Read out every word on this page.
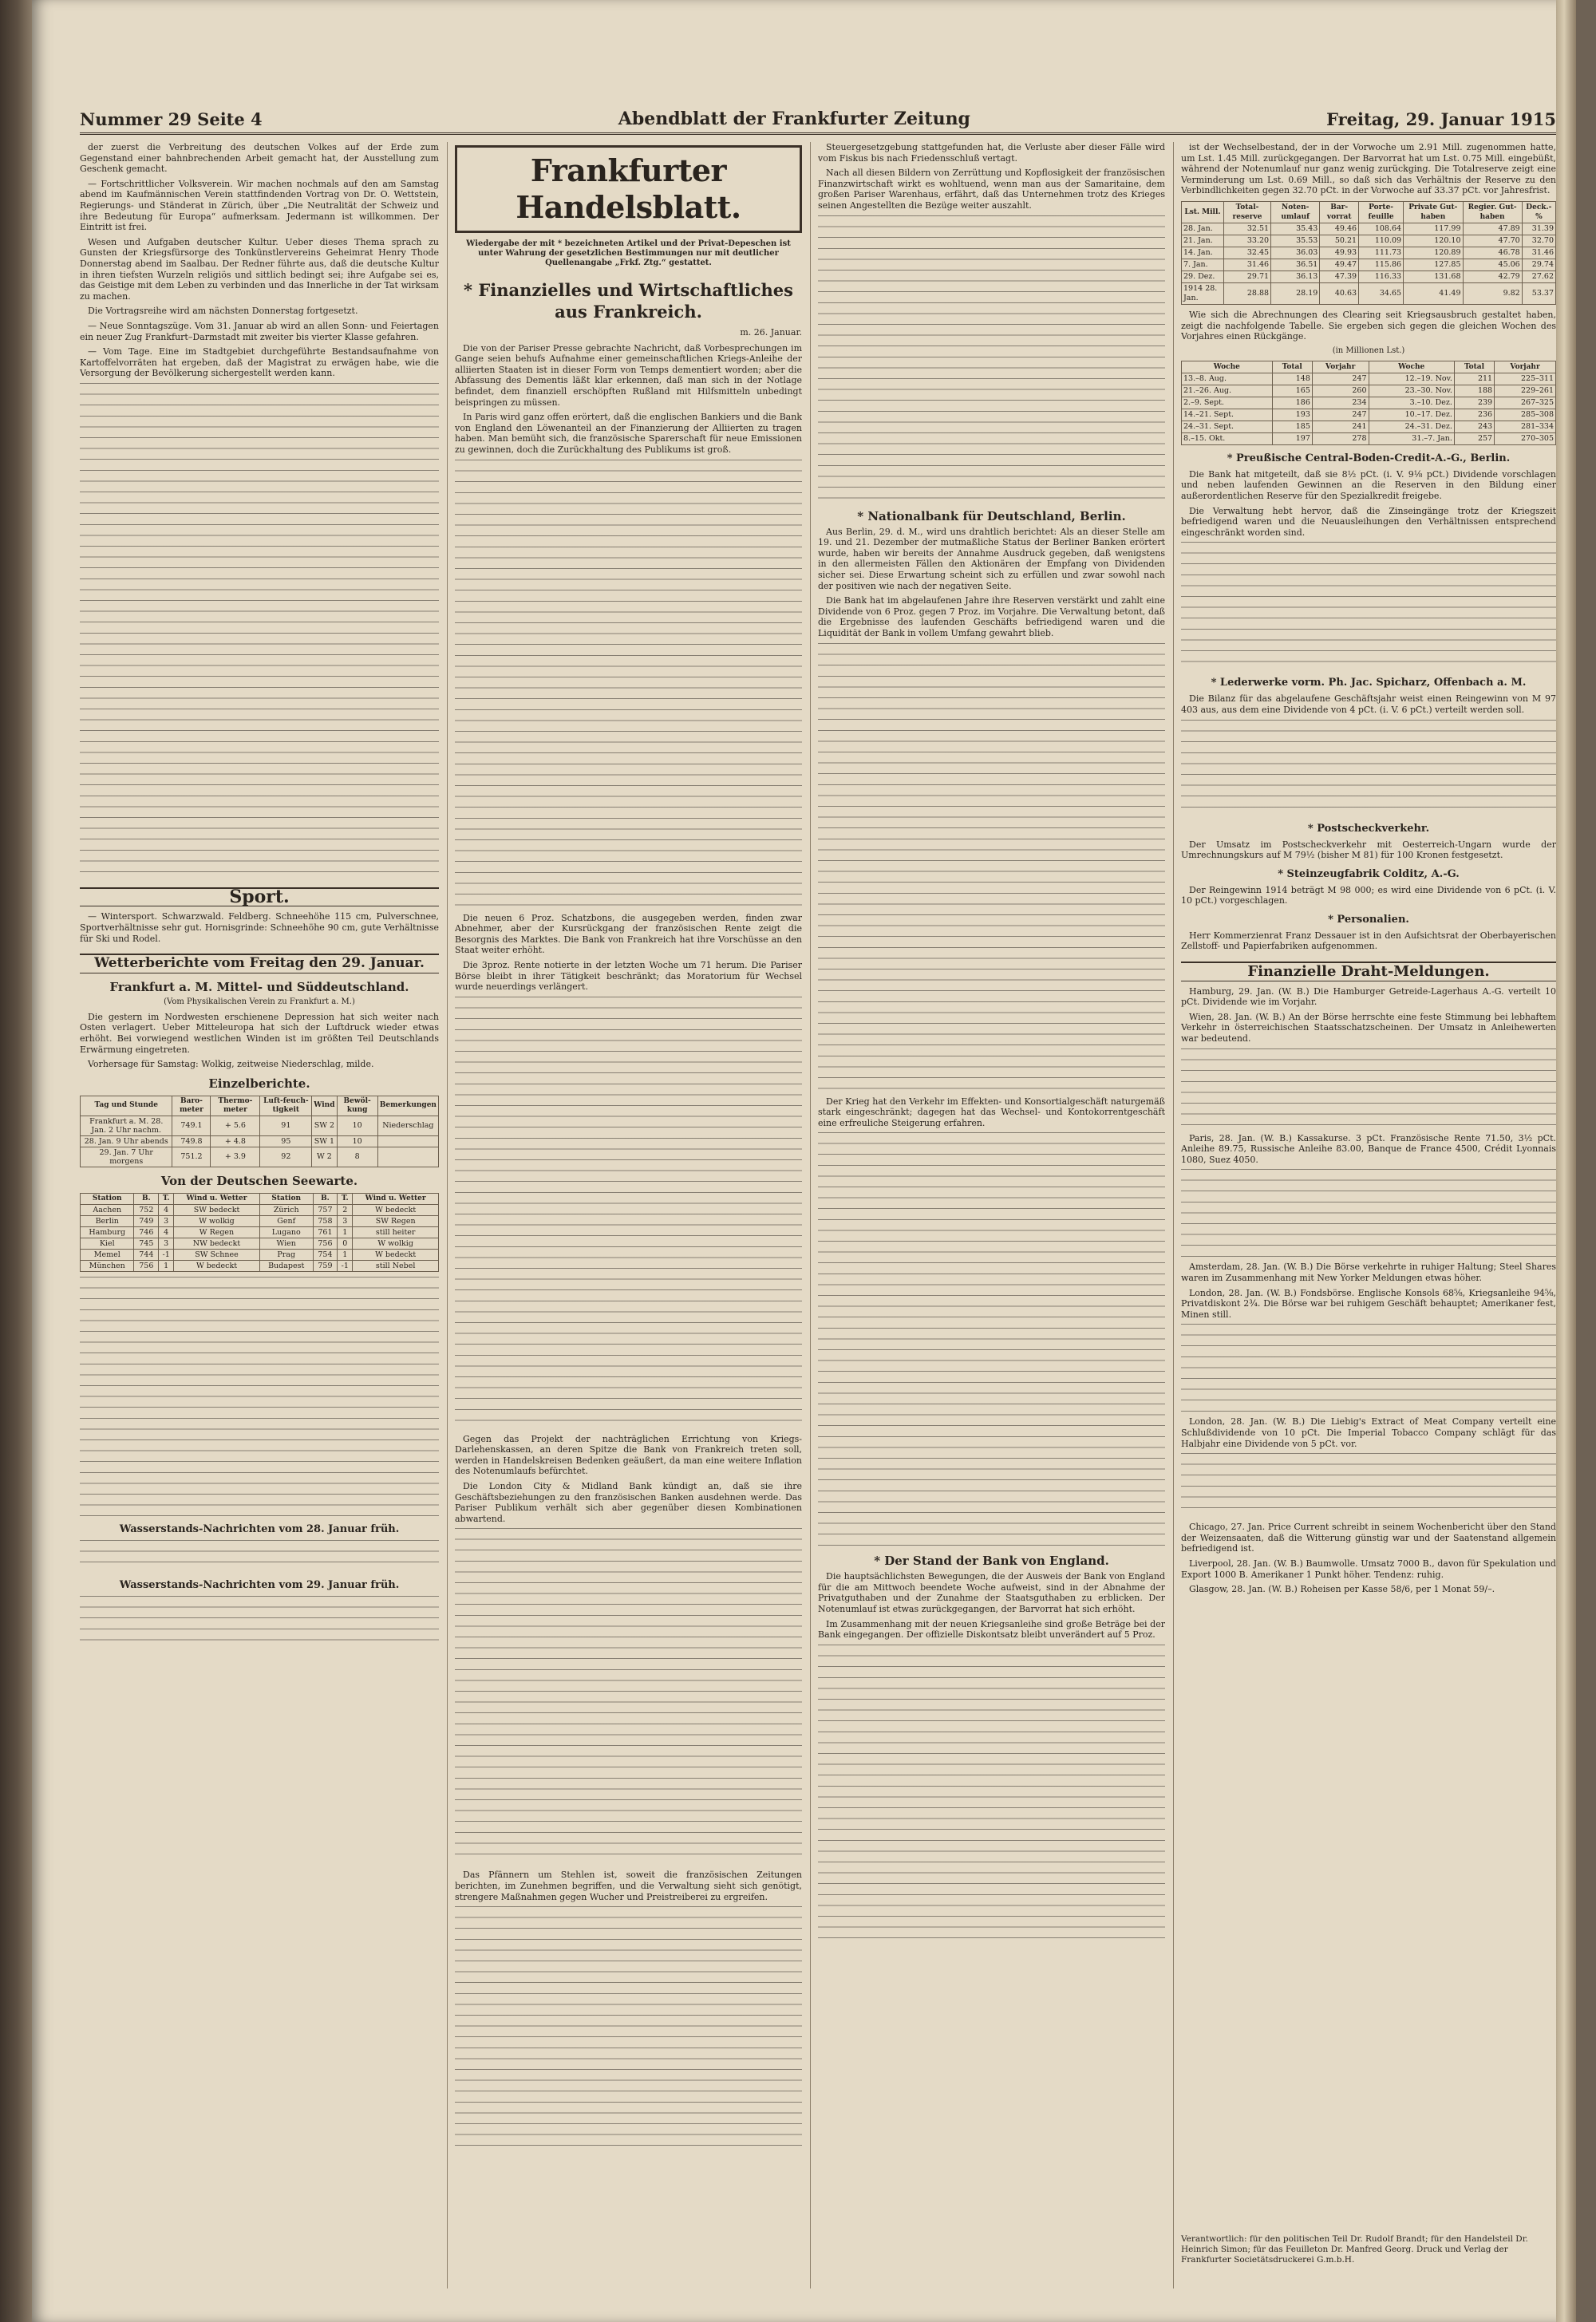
Nummer 29 Seite 4	Abendblatt der Frankfurter Zeitung	Freitag, 29. Januar 1915

der zuerst die Verbreitung des deutschen Volkes auf der Erde zum Gegenstand einer bahnbrechenden Arbeit gemacht hat, der Ausstellung zum Geschenk gemacht.

— Fortschrittlicher Volksverein. Wir machen nochmals auf den am Samstag abend im Kaufmännischen Verein stattfindenden Vortrag von Dr. O. Wettstein, Regierungs- und Ständerat in Zürich, über „Die Neutralität der Schweiz und ihre Bedeutung für Europa“ aufmerksam. Jedermann ist willkommen. Der Eintritt ist frei.

Wesen und Aufgaben deutscher Kultur. Ueber dieses Thema sprach zu Gunsten der Kriegsfürsorge des Tonkünstlervereins Geheimrat Henry Thode Donnerstag abend im Saalbau. Der Redner führte aus, daß die deutsche Kultur in ihren tiefsten Wurzeln religiös und sittlich bedingt sei; ihre Aufgabe sei es, das Geistige mit dem Leben zu verbinden und das Innerliche in der Tat wirksam zu machen.

Die Vortragsreihe wird am nächsten Donnerstag fortgesetzt.

— Neue Sonntagszüge. Vom 31. Januar ab wird an allen Sonn- und Feiertagen ein neuer Zug Frankfurt–Darmstadt mit zweiter bis vierter Klasse gefahren.

— Vom Tage. Eine im Stadtgebiet durchgeführte Bestandsaufnahme von Kartoffelvorräten hat ergeben, daß der Magistrat zu erwägen habe, wie die Versorgung der Bevölkerung sichergestellt werden kann.

Sport.

— Wintersport. Schwarzwald. Feldberg. Schneehöhe 115 cm, Pulverschnee, Sportverhältnisse sehr gut. Hornisgrinde: Schneehöhe 90 cm, gute Verhältnisse für Ski und Rodel.

Wetterberichte vom Freitag den 29. Januar.
Frankfurt a. M. Mittel- und Süddeutschland.
(Vom Physikalischen Verein zu Frankfurt a. M.)

Die gestern im Nordwesten erschienene Depression hat sich weiter nach Osten verlagert. Ueber Mitteleuropa hat sich der Luftdruck wieder etwas erhöht. Bei vorwiegend westlichen Winden ist im größten Teil Deutschlands Erwärmung eingetreten.

Vorhersage für Samstag: Wolkig, zeitweise Niederschlag, milde.

Einzelberichte.
Tag und Stunde	Baro-meter	Thermo-meter	Luft-feuch-tigkeit	Wind	Bewöl-kung	Bemerkungen
Frankfurt a. M. 28. Jan. 2 Uhr nachm.	749.1	+ 5.6	91	SW 2	10	Niederschlag
28. Jan. 9 Uhr abends	749.8	+ 4.8	95	SW 1	10	
29. Jan. 7 Uhr morgens	751.2	+ 3.9	92	W 2	8	
Von der Deutschen Seewarte.
Station	B.	T.	Wind u. Wetter	Station	B.	T.	Wind u. Wetter
Aachen	752	4	SW bedeckt	Zürich	757	2	W bedeckt
Berlin	749	3	W wolkig	Genf	758	3	SW Regen
Hamburg	746	4	W Regen	Lugano	761	1	still heiter
Kiel	745	3	NW bedeckt	Wien	756	0	W wolkig
Memel	744	-1	SW Schnee	Prag	754	1	W bedeckt
München	756	1	W bedeckt	Budapest	759	-1	still Nebel
Wasserstands-Nachrichten vom 28. Januar früh.
Wasserstands-Nachrichten vom 29. Januar früh.
Frankfurter Handelsblatt.
Wiedergabe der mit * bezeichneten Artikel und der Privat-Depeschen ist unter Wahrung der gesetzlichen Bestimmungen nur mit deutlicher Quellenangabe „Frkf. Ztg.“ gestattet.
* Finanzielles und Wirtschaftliches aus Frankreich.
m. 26. Januar.

Die von der Pariser Presse gebrachte Nachricht, daß Vorbesprechungen im Gange seien behufs Aufnahme einer gemeinschaftlichen Kriegs-Anleihe der alliierten Staaten ist in dieser Form von Temps dementiert worden; aber die Abfassung des Dementis läßt klar erkennen, daß man sich in der Notlage befindet, dem finanziell erschöpften Rußland mit Hilfsmitteln unbedingt beispringen zu müssen.

In Paris wird ganz offen erörtert, daß die englischen Bankiers und die Bank von England den Löwenanteil an der Finanzierung der Alliierten zu tragen haben. Man bemüht sich, die französische Sparerschaft für neue Emissionen zu gewinnen, doch die Zurückhaltung des Publikums ist groß.

Die neuen 6 Proz. Schatzbons, die ausgegeben werden, finden zwar Abnehmer, aber der Kursrückgang der französischen Rente zeigt die Besorgnis des Marktes. Die Bank von Frankreich hat ihre Vorschüsse an den Staat weiter erhöht.

Die 3proz. Rente notierte in der letzten Woche um 71 herum. Die Pariser Börse bleibt in ihrer Tätigkeit beschränkt; das Moratorium für Wechsel wurde neuerdings verlängert.

Gegen das Projekt der nachträglichen Errichtung von Kriegs-Darlehenskassen, an deren Spitze die Bank von Frankreich treten soll, werden in Handelskreisen Bedenken geäußert, da man eine weitere Inflation des Notenumlaufs befürchtet.

Die London City & Midland Bank kündigt an, daß sie ihre Geschäftsbeziehungen zu den französischen Banken ausdehnen werde. Das Pariser Publikum verhält sich aber gegenüber diesen Kombinationen abwartend.

Das Pfännern um Stehlen ist, soweit die französischen Zeitungen berichten, im Zunehmen begriffen, und die Verwaltung sieht sich genötigt, strengere Maßnahmen gegen Wucher und Preistreiberei zu ergreifen.

Steuergesetzgebung stattgefunden hat, die Verluste aber dieser Fälle wird vom Fiskus bis nach Friedensschluß vertagt.

Nach all diesen Bildern von Zerrüttung und Kopflosigkeit der französischen Finanzwirtschaft wirkt es wohltuend, wenn man aus der Samaritaine, dem großen Pariser Warenhaus, erfährt, daß das Unternehmen trotz des Krieges seinen Angestellten die Bezüge weiter auszahlt.

* Nationalbank für Deutschland, Berlin.

Aus Berlin, 29. d. M., wird uns drahtlich berichtet: Als an dieser Stelle am 19. und 21. Dezember der mutmaßliche Status der Berliner Banken erörtert wurde, haben wir bereits der Annahme Ausdruck gegeben, daß wenigstens in den allermeisten Fällen den Aktionären der Empfang von Dividenden sicher sei. Diese Erwartung scheint sich zu erfüllen und zwar sowohl nach der positiven wie nach der negativen Seite.

Die Bank hat im abgelaufenen Jahre ihre Reserven verstärkt und zahlt eine Dividende von 6 Proz. gegen 7 Proz. im Vorjahre. Die Verwaltung betont, daß die Ergebnisse des laufenden Geschäfts befriedigend waren und die Liquidität der Bank in vollem Umfang gewahrt blieb.

Der Krieg hat den Verkehr im Effekten- und Konsortialgeschäft naturgemäß stark eingeschränkt; dagegen hat das Wechsel- und Kontokorrentgeschäft eine erfreuliche Steigerung erfahren.

* Der Stand der Bank von England.

Die hauptsächlichsten Bewegungen, die der Ausweis der Bank von England für die am Mittwoch beendete Woche aufweist, sind in der Abnahme der Privatguthaben und der Zunahme der Staatsguthaben zu erblicken. Der Notenumlauf ist etwas zurückgegangen, der Barvorrat hat sich erhöht.

Im Zusammenhang mit der neuen Kriegsanleihe sind große Beträge bei der Bank eingegangen. Der offizielle Diskontsatz bleibt unverändert auf 5 Proz.

ist der Wechselbestand, der in der Vorwoche um 2.91 Mill. zugenommen hatte, um Lst. 1.45 Mill. zurückgegangen. Der Barvorrat hat um Lst. 0.75 Mill. eingebüßt, während der Notenumlauf nur ganz wenig zurückging. Die Totalreserve zeigt eine Verminderung um Lst. 0.69 Mill., so daß sich das Verhältnis der Reserve zu den Verbindlichkeiten gegen 32.70 pCt. in der Vorwoche auf 33.37 pCt. vor Jahresfrist.

Lst. Mill.	Total-reserve	Noten-umlauf	Bar-vorrat	Porte-feuille	Private Gut-haben	Regier. Gut-haben	Deck.-%
28. Jan.	32.51	35.43	49.46	108.64	117.99	47.89	31.39
21. Jan.	33.20	35.53	50.21	110.09	120.10	47.70	32.70
14. Jan.	32.45	36.03	49.93	111.73	120.89	46.78	31.46
7. Jan.	31.46	36.51	49.47	115.86	127.85	45.06	29.74
29. Dez.	29.71	36.13	47.39	116.33	131.68	42.79	27.62
1914 28. Jan.	28.88	28.19	40.63	34.65	41.49	9.82	53.37

Wie sich die Abrechnungen des Clearing seit Kriegsausbruch gestaltet haben, zeigt die nachfolgende Tabelle. Sie ergeben sich gegen die gleichen Wochen des Vorjahres einen Rückgänge.

(in Millionen Lst.)
Woche	Total	Vorjahr	Woche	Total	Vorjahr
13.–8. Aug.	148	247	12.–19. Nov.	211	225–311
21.–26. Aug.	165	260	23.–30. Nov.	188	229–261
2.–9. Sept.	186	234	3.–10. Dez.	239	267–325
14.–21. Sept.	193	247	10.–17. Dez.	236	285–308
24.–31. Sept.	185	241	24.–31. Dez.	243	281–334
8.–15. Okt.	197	278	31.–7. Jan.	257	270–305
* Preußische Central-Boden-Credit-A.-G., Berlin.

Die Bank hat mitgeteilt, daß sie 8½ pCt. (i. V. 9⅛ pCt.) Dividende vorschlagen und neben laufenden Gewinnen an die Reserven in den Bildung einer außerordentlichen Reserve für den Spezialkredit freigebe.

Die Verwaltung hebt hervor, daß die Zinseingänge trotz der Kriegszeit befriedigend waren und die Neuausleihungen den Verhältnissen entsprechend eingeschränkt worden sind.

* Lederwerke vorm. Ph. Jac. Spicharz, Offenbach a. M.

Die Bilanz für das abgelaufene Geschäftsjahr weist einen Reingewinn von M 97 403 aus, aus dem eine Dividende von 4 pCt. (i. V. 6 pCt.) verteilt werden soll.

* Postscheckverkehr.

Der Umsatz im Postscheckverkehr mit Oesterreich-Ungarn wurde der Umrechnungskurs auf M 79½ (bisher M 81) für 100 Kronen festgesetzt.

* Steinzeugfabrik Colditz, A.-G.

Der Reingewinn 1914 beträgt M 98 000; es wird eine Dividende von 6 pCt. (i. V. 10 pCt.) vorgeschlagen.

* Personalien.

Herr Kommerzienrat Franz Dessauer ist in den Aufsichtsrat der Oberbayerischen Zellstoff- und Papierfabriken aufgenommen.

Finanzielle Draht-Meldungen.

Hamburg, 29. Jan. (W. B.) Die Hamburger Getreide-Lagerhaus A.-G. verteilt 10 pCt. Dividende wie im Vorjahr.

Wien, 28. Jan. (W. B.) An der Börse herrschte eine feste Stimmung bei lebhaftem Verkehr in österreichischen Staatsschatzscheinen. Der Umsatz in Anleihewerten war bedeutend.

Paris, 28. Jan. (W. B.) Kassakurse. 3 pCt. Französische Rente 71.50, 3½ pCt. Anleihe 89.75, Russische Anleihe 83.00, Banque de France 4500, Crédit Lyonnais 1080, Suez 4050.

Amsterdam, 28. Jan. (W. B.) Die Börse verkehrte in ruhiger Haltung; Steel Shares waren im Zusammenhang mit New Yorker Meldungen etwas höher.

London, 28. Jan. (W. B.) Fondsbörse. Englische Konsols 68⅝, Kriegsanleihe 94⅝, Privatdiskont 2¾. Die Börse war bei ruhigem Geschäft behauptet; Amerikaner fest, Minen still.

London, 28. Jan. (W. B.) Die Liebig's Extract of Meat Company verteilt eine Schlußdividende von 10 pCt. Die Imperial Tobacco Company schlägt für das Halbjahr eine Dividende von 5 pCt. vor.

Chicago, 27. Jan. Price Current schreibt in seinem Wochenbericht über den Stand der Weizensaaten, daß die Witterung günstig war und der Saatenstand allgemein befriedigend ist.

Liverpool, 28. Jan. (W. B.) Baumwolle. Umsatz 7000 B., davon für Spekulation und Export 1000 B. Amerikaner 1 Punkt höher. Tendenz: ruhig.

Glasgow, 28. Jan. (W. B.) Roheisen per Kasse 58/6, per 1 Monat 59/–.

Verantwortlich: für den politischen Teil Dr. Rudolf Brandt; für den Handelsteil Dr. Heinrich Simon; für das Feuilleton Dr. Manfred Georg. Druck und Verlag der Frankfurter Societätsdruckerei G.m.b.H.
